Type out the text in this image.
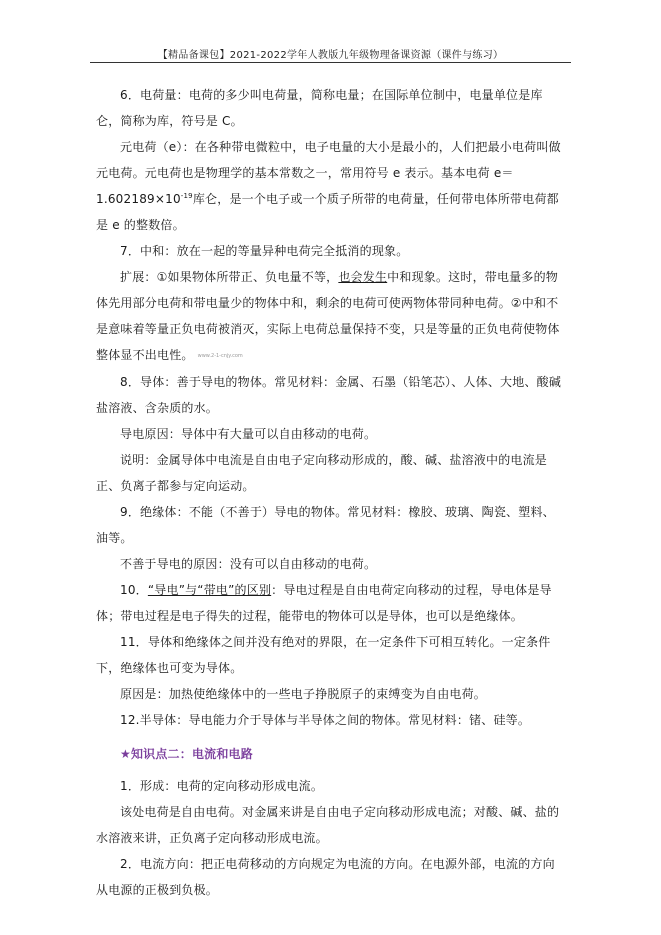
【精品备课包】2021-2022学年人教版九年级物理备课资源（课件与练习）

6．电荷量：电荷的多少叫电荷量，简称电量；在国际单位制中，电量单位是库仑，简称为库，符号是 C。

元电荷（e）：在各种带电微粒中，电子电量的大小是最小的，人们把最小电荷叫做元电荷。元电荷也是物理学的基本常数之一，常用符号 e 表示。基本电荷 $e=1.602189\times 10^{-19}$库仑，是一个电子或一个质子所带的电荷量，任何带电体所带电荷都是 e 的整数倍。

7．中和：放在一起的等量异种电荷完全抵消的现象。

扩展：①如果物体所带正、负电量不等，也会发生中和现象。这时，带电量多的物体先用部分电荷和带电量少的物体中和，剩余的电荷可使两物体带同种电荷。②中和不是意味着等量正负电荷被消灭，实际上电荷总量保持不变，只是等量的正负电荷使物体整体显不出电性。 www.2-1-cnjy.com

8．导体：善于导电的物体。常见材料：金属、石墨（铅笔芯）、人体、大地、酸碱盐溶液、含杂质的水。

导电原因：导体中有大量可以自由移动的电荷。

说明：金属导体中电流是自由电子定向移动形成的，酸、碱、盐溶液中的电流是正、负离子都参与定向运动。

9．绝缘体：不能（不善于）导电的物体。常见材料：橡胶、玻璃、陶瓷、塑料、油等。

不善于导电的原因：没有可以自由移动的电荷。

10．“导电”与“带电”的区别：导电过程是自由电荷定向移动的过程，导电体是导体；带电过程是电子得失的过程，能带电的物体可以是导体，也可以是绝缘体。

11．导体和绝缘体之间并没有绝对的界限，在一定条件下可相互转化。一定条件下，绝缘体也可变为导体。

原因是：加热使绝缘体中的一些电子挣脱原子的束缚变为自由电荷。

12.半导体：导电能力介于导体与半导体之间的物体。常见材料：锗、硅等。

★知识点二：电流和电路

1．形成：电荷的定向移动形成电流。

该处电荷是自由电荷。对金属来讲是自由电子定向移动形成电流；对酸、碱、盐的水溶液来讲，正负离子定向移动形成电流。

2．电流方向：把正电荷移动的方向规定为电流的方向。在电源外部，电流的方向从电源的正极到负极。
